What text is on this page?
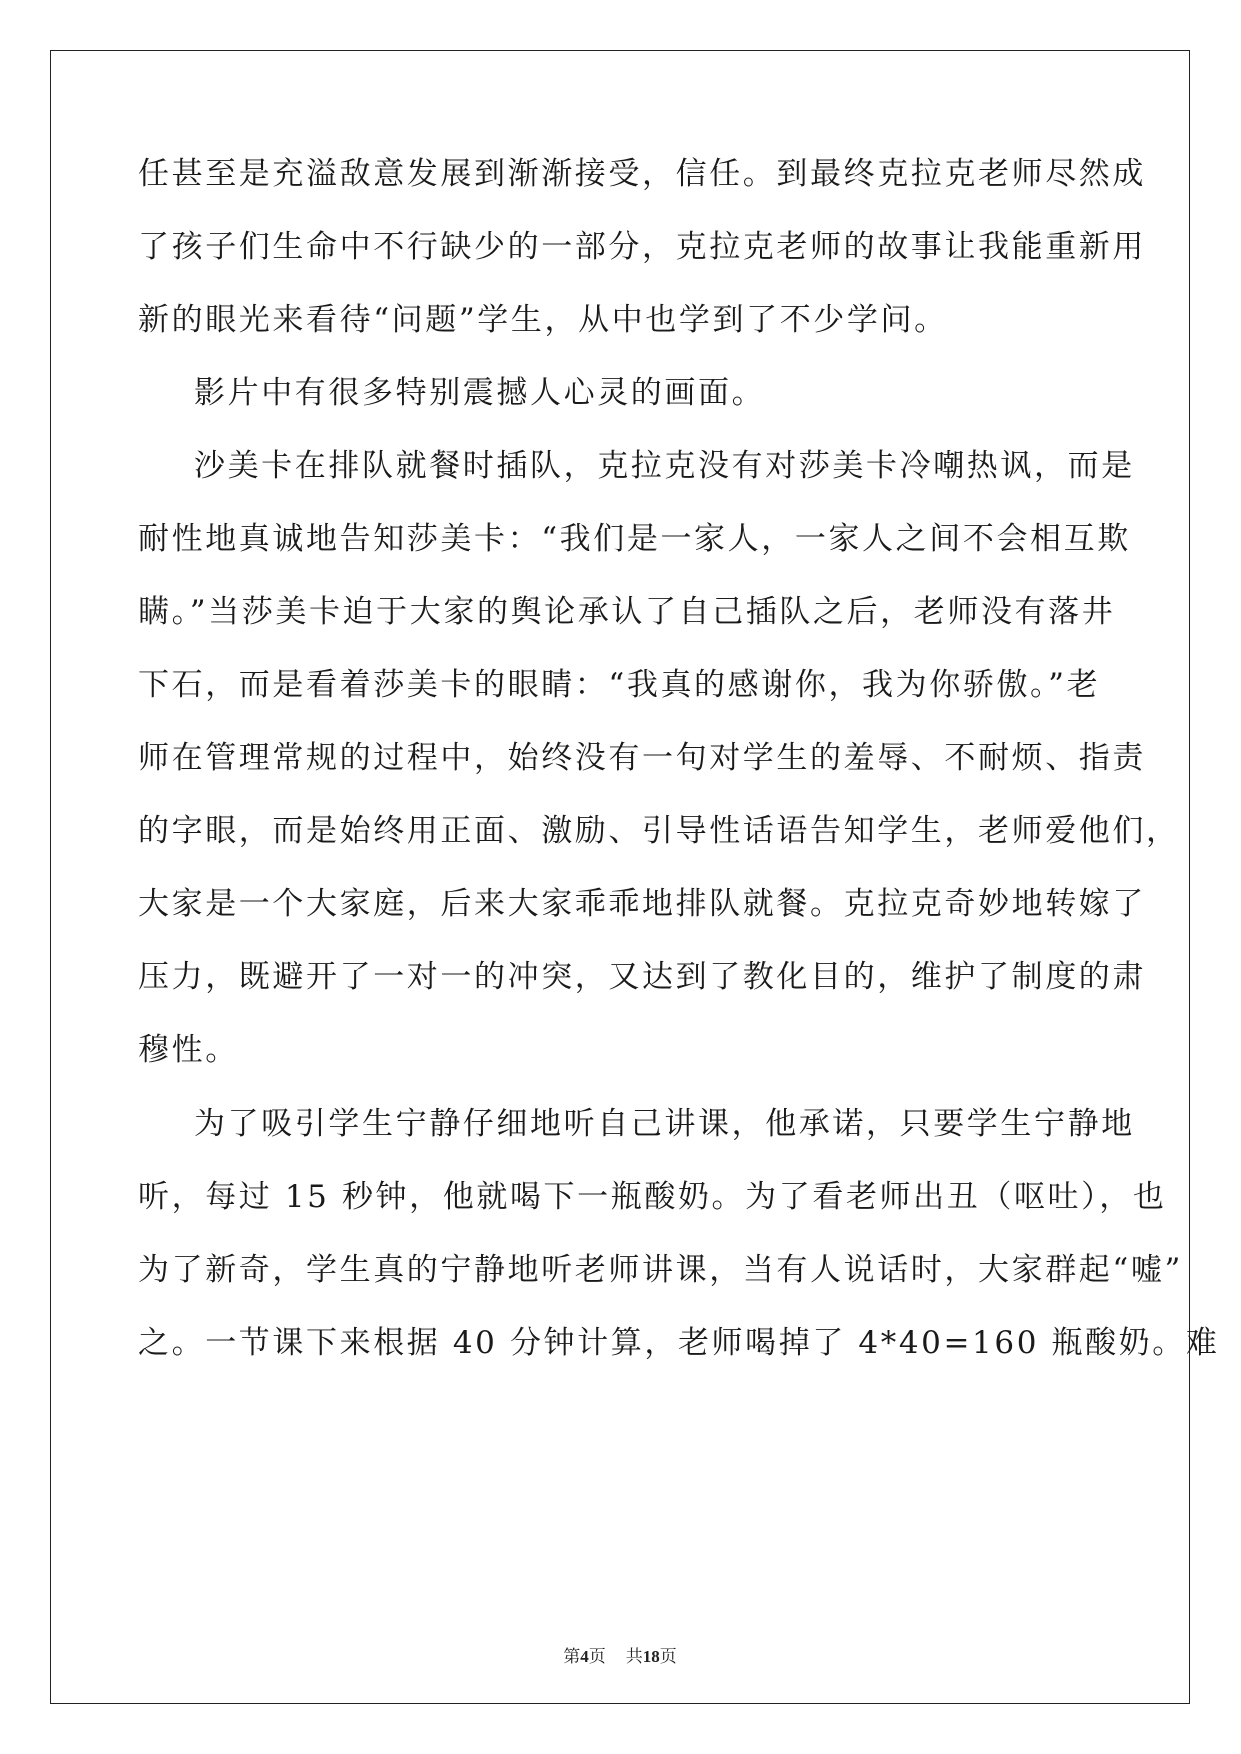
任甚至是充溢敌意发展到渐渐接受，信任。到最终克拉克老师尽然成
了孩子们生命中不行缺少的一部分，克拉克老师的故事让我能重新用
新的眼光来看待“问题”学生，从中也学到了不少学问。
影片中有很多特别震撼人心灵的画面。
沙美卡在排队就餐时插队，克拉克没有对莎美卡冷嘲热讽，而是
耐性地真诚地告知莎美卡：“我们是一家人，一家人之间不会相互欺
瞒。”当莎美卡迫于大家的舆论承认了自己插队之后，老师没有落井
下石，而是看着莎美卡的眼睛：“我真的感谢你，我为你骄傲。”老
师在管理常规的过程中，始终没有一句对学生的羞辱、不耐烦、指责
的字眼，而是始终用正面、激励、引导性话语告知学生，老师爱他们，
大家是一个大家庭，后来大家乖乖地排队就餐。克拉克奇妙地转嫁了
压力，既避开了一对一的冲突，又达到了教化目的，维护了制度的肃
穆性。
为了吸引学生宁静仔细地听自己讲课，他承诺，只要学生宁静地
听，每过 15 秒钟，他就喝下一瓶酸奶。为了看老师出丑（呕吐），也
为了新奇，学生真的宁静地听老师讲课，当有人说话时，大家群起“嘘”
之。一节课下来根据 40 分钟计算，老师喝掉了 4*40=160 瓶酸奶。难
第4页 共18页
